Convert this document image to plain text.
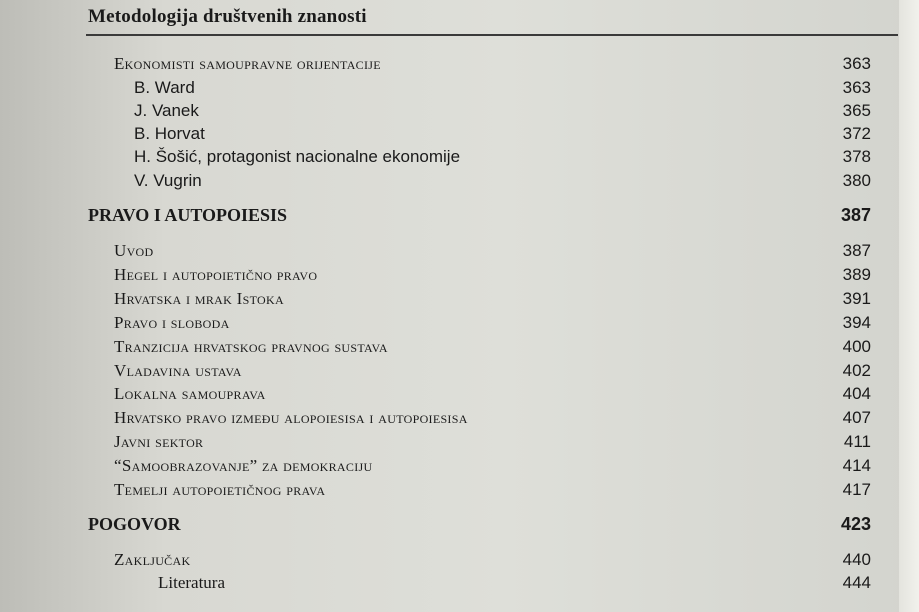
Metodologija društvenih znanosti
Ekonomisti samoupravne orijentacije	363
B. Ward	363
J. Vanek	365
B. Horvat	372
H. Šošić, protagonist nacionalne ekonomije	378
V. Vugrin	380
PRAVO I AUTOPOIESIS	387
Uvod	387
Hegel i autopoietično pravo	389
Hrvatska i mrak Istoka	391
Pravo i sloboda	394
Tranzicija hrvatskog pravnog sustava	400
Vladavina ustava	402
Lokalna samouprava	404
Hrvatsko pravo između alopoiesisa i autopoiesisa	407
Javni sektor	411
“Samoobrazovanje” za demokraciju	414
Temelji autopoietičnog prava	417
POGOVOR	423
Zaključak	440
Literatura	444
